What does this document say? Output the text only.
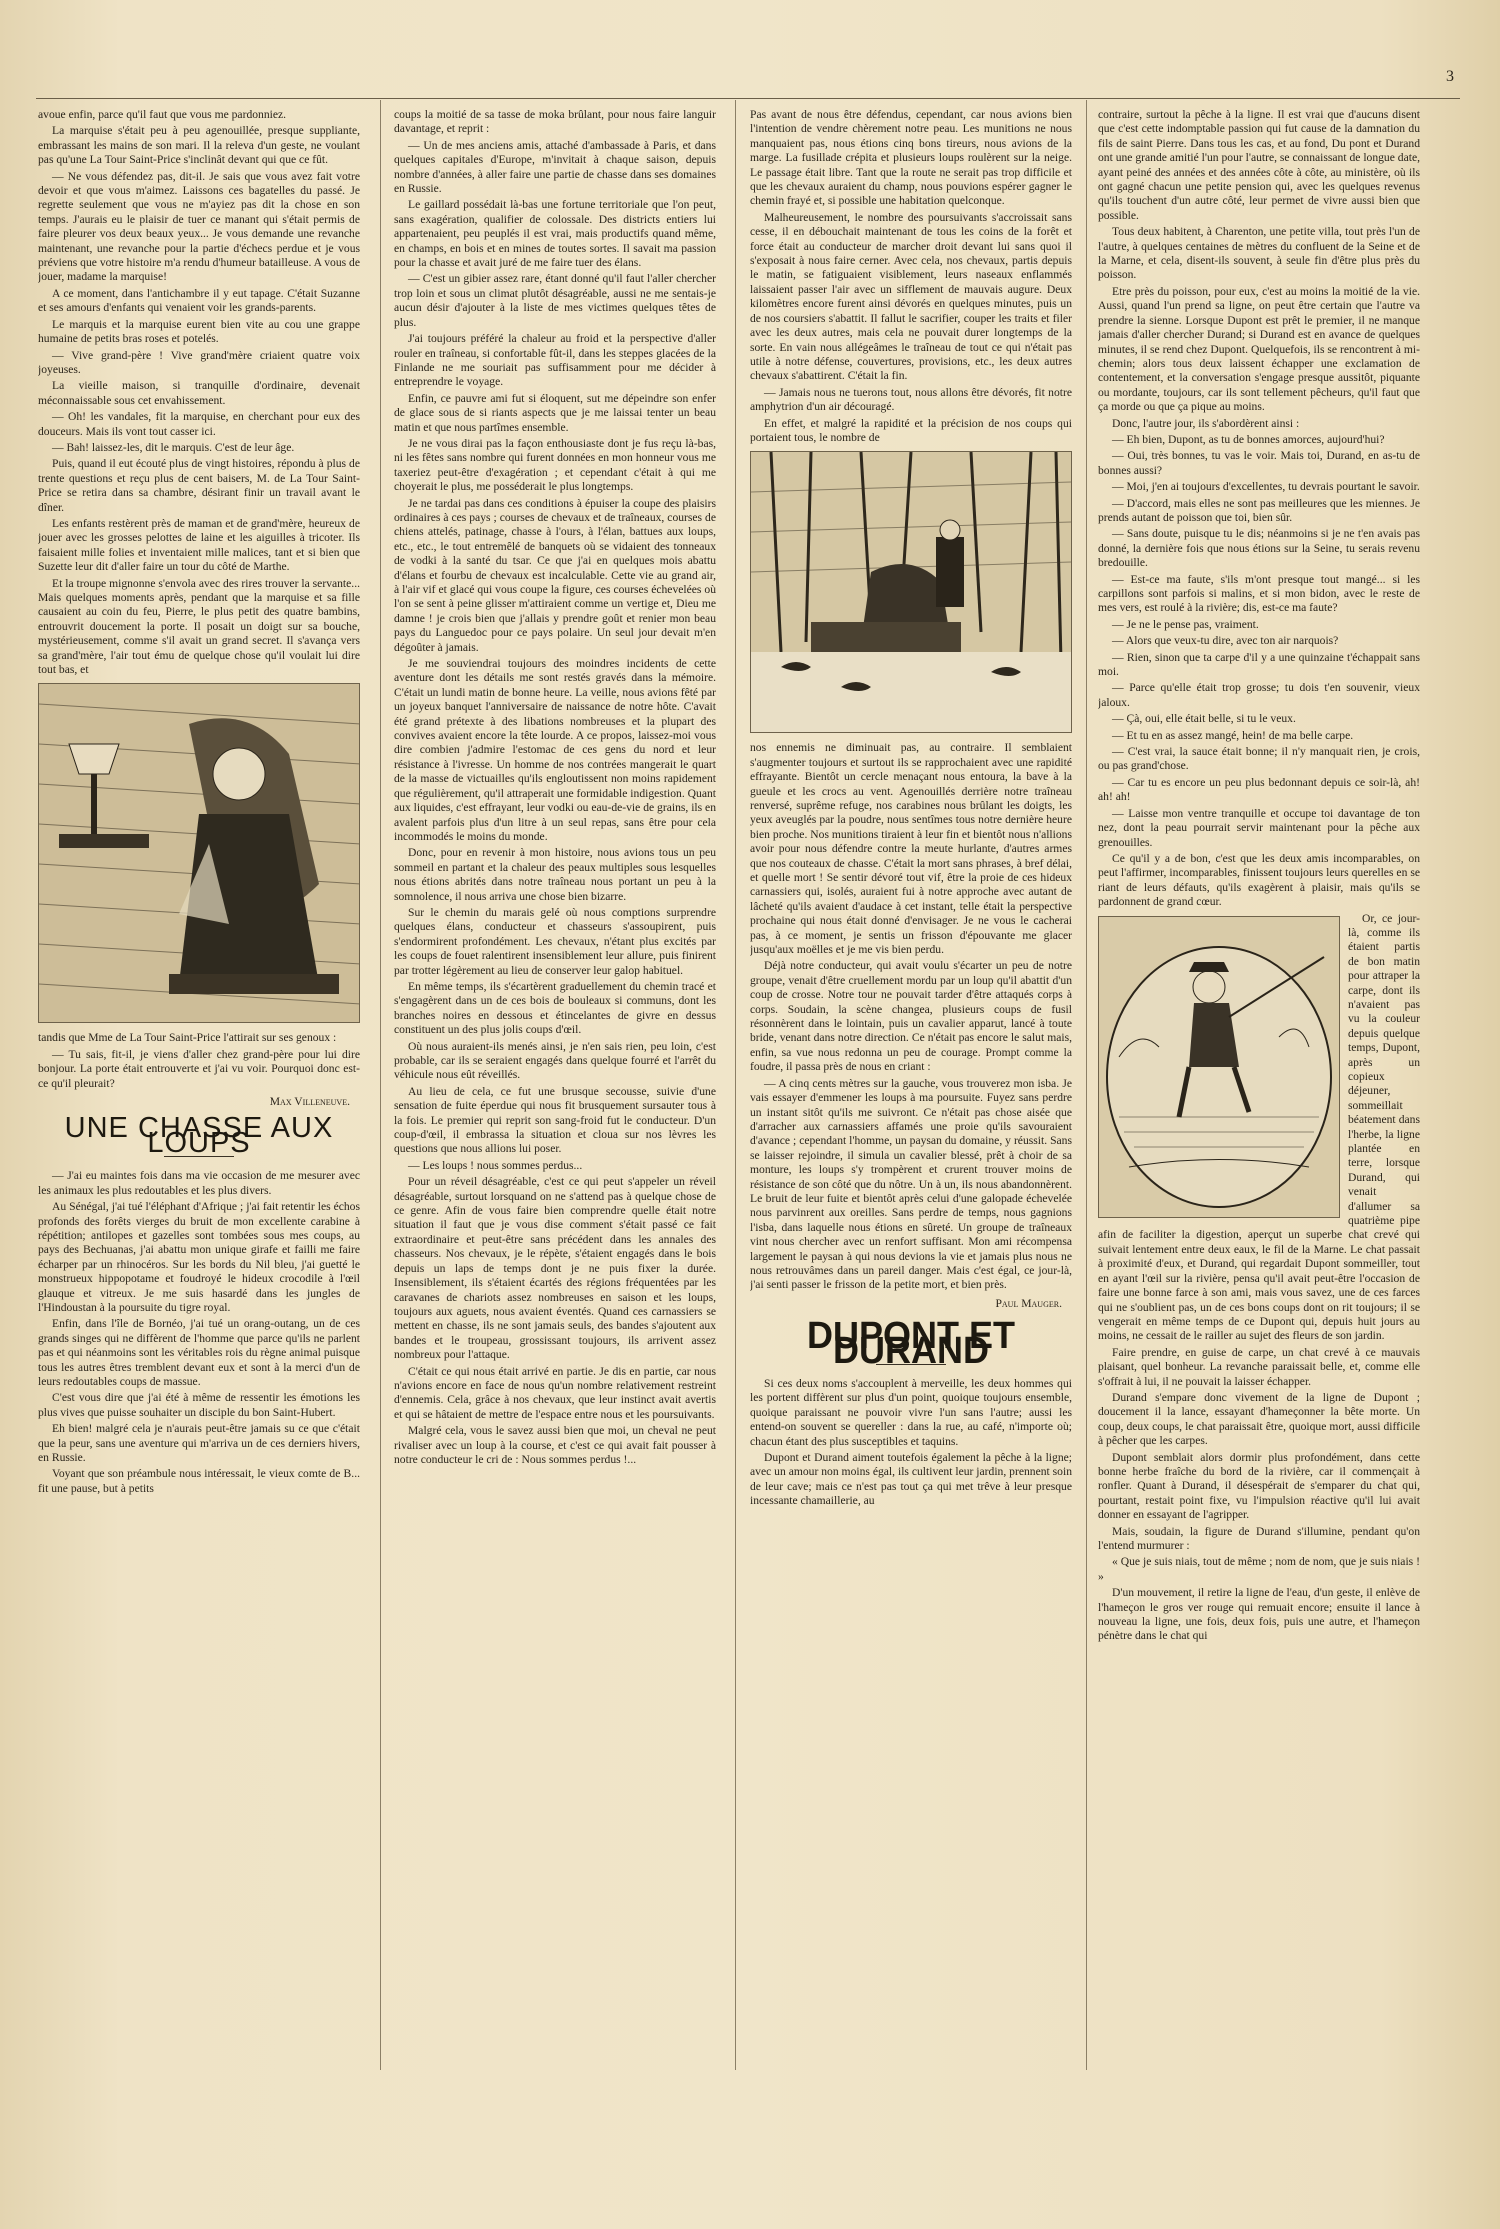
3

avoue enfin, parce qu'il faut que vous me pardonniez.

La marquise s'était peu à peu agenouillée, presque suppliante, embrassant les mains de son mari. Il la releva d'un geste, ne voulant pas qu'une La Tour Saint-Price s'inclinât devant qui que ce fût.

— Ne vous défendez pas, dit-il. Je sais que vous avez fait votre devoir et que vous m'aimez. Laissons ces bagatelles du passé. Je regrette seulement que vous ne m'ayiez pas dit la chose en son temps. J'aurais eu le plaisir de tuer ce manant qui s'était permis de faire pleurer vos deux beaux yeux... Je vous demande une revanche maintenant, une revanche pour la partie d'échecs perdue et je vous préviens que votre histoire m'a rendu d'humeur batailleuse. A vous de jouer, madame la marquise!

A ce moment, dans l'antichambre il y eut tapage. C'était Suzanne et ses amours d'enfants qui venaient voir les grands-parents.

Le marquis et la marquise eurent bien vite au cou une grappe humaine de petits bras roses et potelés.

— Vive grand-père ! Vive grand'mère criaient quatre voix joyeuses.

La vieille maison, si tranquille d'ordinaire, devenait méconnaissable sous cet envahissement.

— Oh! les vandales, fit la marquise, en cherchant pour eux des douceurs. Mais ils vont tout casser ici.

— Bah! laissez-les, dit le marquis. C'est de leur âge.

Puis, quand il eut écouté plus de vingt histoires, répondu à plus de trente questions et reçu plus de cent baisers, M. de La Tour Saint-Price se retira dans sa chambre, désirant finir un travail avant le dîner.

Les enfants restèrent près de maman et de grand'mère, heureux de jouer avec les grosses pelottes de laine et les aiguilles à tricoter. Ils faisaient mille folies et inventaient mille malices, tant et si bien que Suzette leur dit d'aller faire un tour du côté de Marthe.

Et la troupe mignonne s'envola avec des rires trouver la servante... Mais quelques moments après, pendant que la marquise et sa fille causaient au coin du feu, Pierre, le plus petit des quatre bambins, entrouvrit doucement la porte. Il posait un doigt sur sa bouche, mystérieusement, comme s'il avait un grand secret. Il s'avança vers sa grand'mère, l'air tout ému de quelque chose qu'il voulait lui dire tout bas, et

tandis que Mme de La Tour Saint-Price l'attirait sur ses genoux :

— Tu sais, fit-il, je viens d'aller chez grand-père pour lui dire bonjour. La porte était entrouverte et j'ai vu voir. Pourquoi donc est-ce qu'il pleurait?

Max Villeneuve.

UNE CHASSE AUX LOUPS

— J'ai eu maintes fois dans ma vie occasion de me mesurer avec les animaux les plus redoutables et les plus divers.

Au Sénégal, j'ai tué l'éléphant d'Afrique ; j'ai fait retentir les échos profonds des forêts vierges du bruit de mon excellente carabine à répétition; antilopes et gazelles sont tombées sous mes coups, au pays des Bechuanas, j'ai abattu mon unique girafe et failli me faire écharper par un rhinocéros. Sur les bords du Nil bleu, j'ai guetté le monstrueux hippopotame et foudroyé le hideux crocodile à l'œil glauque et vitreux. Je me suis hasardé dans les jungles de l'Hindoustan à la poursuite du tigre royal.

Enfin, dans l'île de Bornéo, j'ai tué un orang-outang, un de ces grands singes qui ne diffèrent de l'homme que parce qu'ils ne parlent pas et qui néanmoins sont les véritables rois du règne animal puisque tous les autres êtres tremblent devant eux et sont à la merci d'un de leurs redoutables coups de massue.

C'est vous dire que j'ai été à même de ressentir les émotions les plus vives que puisse souhaiter un disciple du bon Saint-Hubert.

Eh bien! malgré cela je n'aurais peut-être jamais su ce que c'était que la peur, sans une aventure qui m'arriva un de ces derniers hivers, en Russie.

Voyant que son préambule nous intéressait, le vieux comte de B... fit une pause, but à petits

coups la moitié de sa tasse de moka brûlant, pour nous faire languir davantage, et reprit :

— Un de mes anciens amis, attaché d'ambassade à Paris, et dans quelques capitales d'Europe, m'invitait à chaque saison, depuis nombre d'années, à aller faire une partie de chasse dans ses domaines en Russie.

Le gaillard possédait là-bas une fortune territoriale que l'on peut, sans exagération, qualifier de colossale. Des districts entiers lui appartenaient, peu peuplés il est vrai, mais productifs quand même, en champs, en bois et en mines de toutes sortes. Il savait ma passion pour la chasse et avait juré de me faire tuer des élans.

— C'est un gibier assez rare, étant donné qu'il faut l'aller chercher trop loin et sous un climat plutôt désagréable, aussi ne me sentais-je aucun désir d'ajouter à la liste de mes victimes quelques têtes de plus.

J'ai toujours préféré la chaleur au froid et la perspective d'aller rouler en traîneau, si confortable fût-il, dans les steppes glacées de la Finlande ne me souriait pas suffisamment pour me décider à entreprendre le voyage.

Enfin, ce pauvre ami fut si éloquent, sut me dépeindre son enfer de glace sous de si riants aspects que je me laissai tenter un beau matin et que nous partîmes ensemble.

Je ne vous dirai pas la façon enthousiaste dont je fus reçu là-bas, ni les fêtes sans nombre qui furent données en mon honneur vous me taxeriez peut-être d'exagération ; et cependant c'était à qui me choyerait le plus, me posséderait le plus longtemps.

Je ne tardai pas dans ces conditions à épuiser la coupe des plaisirs ordinaires à ces pays ; courses de chevaux et de traîneaux, courses de chiens attelés, patinage, chasse à l'ours, à l'élan, battues aux loups, etc., etc., le tout entremêlé de banquets où se vidaient des tonneaux de vodki à la santé du tsar. Ce que j'ai en quelques mois abattu d'élans et fourbu de chevaux est incalculable. Cette vie au grand air, à l'air vif et glacé qui vous coupe la figure, ces courses échevelées où l'on se sent à peine glisser m'attiraient comme un vertige et, Dieu me damne ! je crois bien que j'allais y prendre goût et renier mon beau pays du Languedoc pour ce pays polaire. Un seul jour devait m'en dégoûter à jamais.

Je me souviendrai toujours des moindres incidents de cette aventure dont les détails me sont restés gravés dans la mémoire. C'était un lundi matin de bonne heure. La veille, nous avions fêté par un joyeux banquet l'anniversaire de naissance de notre hôte. C'avait été grand prétexte à des libations nombreuses et la plupart des convives avaient encore la tête lourde. A ce propos, laissez-moi vous dire combien j'admire l'estomac de ces gens du nord et leur résistance à l'ivresse. Un homme de nos contrées mangerait le quart de la masse de victuailles qu'ils engloutissent non moins rapidement que régulièrement, qu'il attraperait une formidable indigestion. Quant aux liquides, c'est effrayant, leur vodki ou eau-de-vie de grains, ils en avalent parfois plus d'un litre à un seul repas, sans être pour cela incommodés le moins du monde.

Donc, pour en revenir à mon histoire, nous avions tous un peu sommeil en partant et la chaleur des peaux multiples sous lesquelles nous étions abrités dans notre traîneau nous portant un peu à la somnolence, il nous arriva une chose bien bizarre.

Sur le chemin du marais gelé où nous comptions surprendre quelques élans, conducteur et chasseurs s'assoupirent, puis s'endormirent profondément. Les chevaux, n'étant plus excités par les coups de fouet ralentirent insensiblement leur allure, puis finirent par trotter légèrement au lieu de conserver leur galop habituel.

En même temps, ils s'écartèrent graduellement du chemin tracé et s'engagèrent dans un de ces bois de bouleaux si communs, dont les branches noires en dessous et étincelantes de givre en dessus constituent un des plus jolis coups d'œil.

Où nous auraient-ils menés ainsi, je n'en sais rien, peu loin, c'est probable, car ils se seraient engagés dans quelque fourré et l'arrêt du véhicule nous eût réveillés.

Au lieu de cela, ce fut une brusque secousse, suivie d'une sensation de fuite éperdue qui nous fit brusquement sursauter tous à la fois. Le premier qui reprit son sang-froid fut le conducteur. D'un coup-d'œil, il embrassa la situation et cloua sur nos lèvres les questions que nous allions lui poser.

— Les loups ! nous sommes perdus...

Pour un réveil désagréable, c'est ce qui peut s'appeler un réveil désagréable, surtout lorsquand on ne s'attend pas à quelque chose de ce genre. Afin de vous faire bien comprendre quelle était notre situation il faut que je vous dise comment s'était passé ce fait extraordinaire et peut-être sans précédent dans les annales des chasseurs. Nos chevaux, je le répète, s'étaient engagés dans le bois depuis un laps de temps dont je ne puis fixer la durée. Insensiblement, ils s'étaient écartés des régions fréquentées par les caravanes de chariots assez nombreuses en saison et les loups, toujours aux aguets, nous avaient éventés. Quand ces carnassiers se mettent en chasse, ils ne sont jamais seuls, des bandes s'ajoutent aux bandes et le troupeau, grossissant toujours, ils arrivent assez nombreux pour l'attaque.

C'était ce qui nous était arrivé en partie. Je dis en partie, car nous n'avions encore en face de nous qu'un nombre relativement restreint d'ennemis. Cela, grâce à nos chevaux, que leur instinct avait avertis et qui se hâtaient de mettre de l'espace entre nous et les poursuivants.

Malgré cela, vous le savez aussi bien que moi, un cheval ne peut rivaliser avec un loup à la course, et c'est ce qui avait fait pousser à notre conducteur le cri de : Nous sommes perdus !...

Pas avant de nous être défendus, cependant, car nous avions bien l'intention de vendre chèrement notre peau. Les munitions ne nous manquaient pas, nous étions cinq bons tireurs, nous avions de la marge. La fusillade crépita et plusieurs loups roulèrent sur la neige. Le passage était libre. Tant que la route ne serait pas trop difficile et que les chevaux auraient du champ, nous pouvions espérer gagner le chemin frayé et, si possible une habitation quelconque.

Malheureusement, le nombre des poursuivants s'accroissait sans cesse, il en débouchait maintenant de tous les coins de la forêt et force était au conducteur de marcher droit devant lui sans quoi il s'exposait à nous faire cerner. Avec cela, nos chevaux, partis depuis le matin, se fatiguaient visiblement, leurs naseaux enflammés laissaient passer l'air avec un sifflement de mauvais augure. Deux kilomètres encore furent ainsi dévorés en quelques minutes, puis un de nos coursiers s'abattit. Il fallut le sacrifier, couper les traits et filer avec les deux autres, mais cela ne pouvait durer longtemps de la sorte. En vain nous allégeâmes le traîneau de tout ce qui n'était pas utile à notre défense, couvertures, provisions, etc., les deux autres chevaux s'abattirent. C'était la fin.

— Jamais nous ne tuerons tout, nous allons être dévorés, fit notre amphytrion d'un air découragé.

En effet, et malgré la rapidité et la précision de nos coups qui portaient tous, le nombre de

nos ennemis ne diminuait pas, au contraire. Il semblaient s'augmenter toujours et surtout ils se rapprochaient avec une rapidité effrayante. Bientôt un cercle menaçant nous entoura, la bave à la gueule et les crocs au vent. Agenouillés derrière notre traîneau renversé, suprême refuge, nos carabines nous brûlant les doigts, les yeux aveuglés par la poudre, nous sentîmes tous notre dernière heure bien proche. Nos munitions tiraient à leur fin et bientôt nous n'allions avoir pour nous défendre contre la meute hurlante, d'autres armes que nos couteaux de chasse. C'était la mort sans phrases, à bref délai, et quelle mort ! Se sentir dévoré tout vif, être la proie de ces hideux carnassiers qui, isolés, auraient fui à notre approche avec autant de lâcheté qu'ils avaient d'audace à cet instant, telle était la perspective prochaine qui nous était donné d'envisager. Je ne vous le cacherai pas, à ce moment, je sentis un frisson d'épouvante me glacer jusqu'aux moëlles et je me vis bien perdu.

Déjà notre conducteur, qui avait voulu s'écarter un peu de notre groupe, venait d'être cruellement mordu par un loup qu'il abattit d'un coup de crosse. Notre tour ne pouvait tarder d'être attaqués corps à corps. Soudain, la scène changea, plusieurs coups de fusil résonnèrent dans le lointain, puis un cavalier apparut, lancé à toute bride, venant dans notre direction. Ce n'était pas encore le salut mais, enfin, sa vue nous redonna un peu de courage. Prompt comme la foudre, il passa près de nous en criant :

— A cinq cents mètres sur la gauche, vous trouverez mon isba. Je vais essayer d'emmener les loups à ma poursuite. Fuyez sans perdre un instant sitôt qu'ils me suivront. Ce n'était pas chose aisée que d'arracher aux carnassiers affamés une proie qu'ils savouraient d'avance ; cependant l'homme, un paysan du domaine, y réussit. Sans se laisser rejoindre, il simula un cavalier blessé, prêt à choir de sa monture, les loups s'y trompèrent et crurent trouver moins de résistance de son côté que du nôtre. Un à un, ils nous abandonnèrent. Le bruit de leur fuite et bientôt après celui d'une galopade échevelée nous parvinrent aux oreilles. Sans perdre de temps, nous gagnions l'isba, dans laquelle nous étions en sûreté. Un groupe de traîneaux vint nous chercher avec un renfort suffisant. Mon ami récompensa largement le paysan à qui nous devions la vie et jamais plus nous ne nous retrouvâmes dans un pareil danger. Mais c'est égal, ce jour-là, j'ai senti passer le frisson de la petite mort, et bien près.

Paul Mauger.

DUPONT ET DURAND

Si ces deux noms s'accouplent à merveille, les deux hommes qui les portent diffèrent sur plus d'un point, quoique toujours ensemble, quoique paraissant ne pouvoir vivre l'un sans l'autre; aussi les entend-on souvent se quereller : dans la rue, au café, n'importe où; chacun étant des plus susceptibles et taquins.

Dupont et Durand aiment toutefois également la pêche à la ligne; avec un amour non moins égal, ils cultivent leur jardin, prennent soin de leur cave; mais ce n'est pas tout ça qui met trêve à leur presque incessante chamaillerie, au

contraire, surtout la pêche à la ligne. Il est vrai que d'aucuns disent que c'est cette indomptable passion qui fut cause de la damnation du fils de saint Pierre. Dans tous les cas, et au fond, Du pont et Durand ont une grande amitié l'un pour l'autre, se connaissant de longue date, ayant peiné des années et des années côte à côte, au ministère, où ils ont gagné chacun une petite pension qui, avec les quelques revenus qu'ils touchent d'un autre côté, leur permet de vivre aussi bien que possible.

Tous deux habitent, à Charenton, une petite villa, tout près l'un de l'autre, à quelques centaines de mètres du confluent de la Seine et de la Marne, et cela, disent-ils souvent, à seule fin d'être plus près du poisson.

Etre près du poisson, pour eux, c'est au moins la moitié de la vie. Aussi, quand l'un prend sa ligne, on peut être certain que l'autre va prendre la sienne. Lorsque Dupont est prêt le premier, il ne manque jamais d'aller chercher Durand; si Durand est en avance de quelques minutes, il se rend chez Dupont. Quelquefois, ils se rencontrent à mi-chemin; alors tous deux laissent échapper une exclamation de contentement, et la conversation s'engage presque aussitôt, piquante ou mordante, toujours, car ils sont tellement pêcheurs, qu'il faut que ça morde ou que ça pique au moins.

Donc, l'autre jour, ils s'abordèrent ainsi :

— Eh bien, Dupont, as tu de bonnes amorces, aujourd'hui?

— Oui, très bonnes, tu vas le voir. Mais toi, Durand, en as-tu de bonnes aussi?

— Moi, j'en ai toujours d'excellentes, tu devrais pourtant le savoir.

— D'accord, mais elles ne sont pas meilleures que les miennes. Je prends autant de poisson que toi, bien sûr.

— Sans doute, puisque tu le dis; néanmoins si je ne t'en avais pas donné, la dernière fois que nous étions sur la Seine, tu serais revenu bredouille.

— Est-ce ma faute, s'ils m'ont presque tout mangé... si les carpillons sont parfois si malins, et si mon bidon, avec le reste de mes vers, est roulé à la rivière; dis, est-ce ma faute?

— Je ne le pense pas, vraiment.

— Alors que veux-tu dire, avec ton air narquois?

— Rien, sinon que ta carpe d'il y a une quinzaine t'échappait sans moi.

— Parce qu'elle était trop grosse; tu dois t'en souvenir, vieux jaloux.

— Çà, oui, elle était belle, si tu le veux.

— Et tu en as assez mangé, hein! de ma belle carpe.

— C'est vrai, la sauce était bonne; il n'y manquait rien, je crois, ou pas grand'chose.

— Car tu es encore un peu plus bedonnant depuis ce soir-là, ah! ah! ah!

— Laisse mon ventre tranquille et occupe toi davantage de ton nez, dont la peau pourrait servir maintenant pour la pêche aux grenouilles.

Ce qu'il y a de bon, c'est que les deux amis incomparables, on peut l'affirmer, incomparables, finissent toujours leurs querelles en se riant de leurs défauts, qu'ils exagèrent à plaisir, mais qu'ils se pardonnent de grand cœur.

Or, ce jour-là, comme ils étaient partis de bon matin pour attraper la carpe, dont ils n'avaient pas vu la couleur depuis quelque temps, Dupont, après un copieux déjeuner, sommeillait béatement dans l'herbe, la ligne plantée en terre, lorsque Durand, qui venait d'allumer sa quatrième pipe afin de faciliter la digestion, aperçut un superbe chat crevé qui suivait lentement entre deux eaux, le fil de la Marne. Le chat passait à proximité d'eux, et Durand, qui regardait Dupont sommeiller, tout en ayant l'œil sur la rivière, pensa qu'il avait peut-être l'occasion de faire une bonne farce à son ami, mais vous savez, une de ces farces qui ne s'oublient pas, un de ces bons coups dont on rit toujours; il se vengerait en même temps de ce Dupont qui, depuis huit jours au moins, ne cessait de le railler au sujet des fleurs de son jardin.

Faire prendre, en guise de carpe, un chat crevé à ce mauvais plaisant, quel bonheur. La revanche paraissait belle, et, comme elle s'offrait à lui, il ne pouvait la laisser échapper.

Durand s'empare donc vivement de la ligne de Dupont ; doucement il la lance, essayant d'hameçonner la bête morte. Un coup, deux coups, le chat paraissait être, quoique mort, aussi difficile à pêcher que les carpes.

Dupont semblait alors dormir plus profondément, dans cette bonne herbe fraîche du bord de la rivière, car il commençait à ronfler. Quant à Durand, il désespérait de s'emparer du chat qui, pourtant, restait point fixe, vu l'impulsion réactive qu'il lui avait donner en essayant de l'agripper.

Mais, soudain, la figure de Durand s'illumine, pendant qu'on l'entend murmurer :

« Que je suis niais, tout de même ; nom de nom, que je suis niais ! »

D'un mouvement, il retire la ligne de l'eau, d'un geste, il enlève de l'hameçon le gros ver rouge qui remuait encore; ensuite il lance à nouveau la ligne, une fois, deux fois, puis une autre, et l'hameçon pénètre dans le chat qui
